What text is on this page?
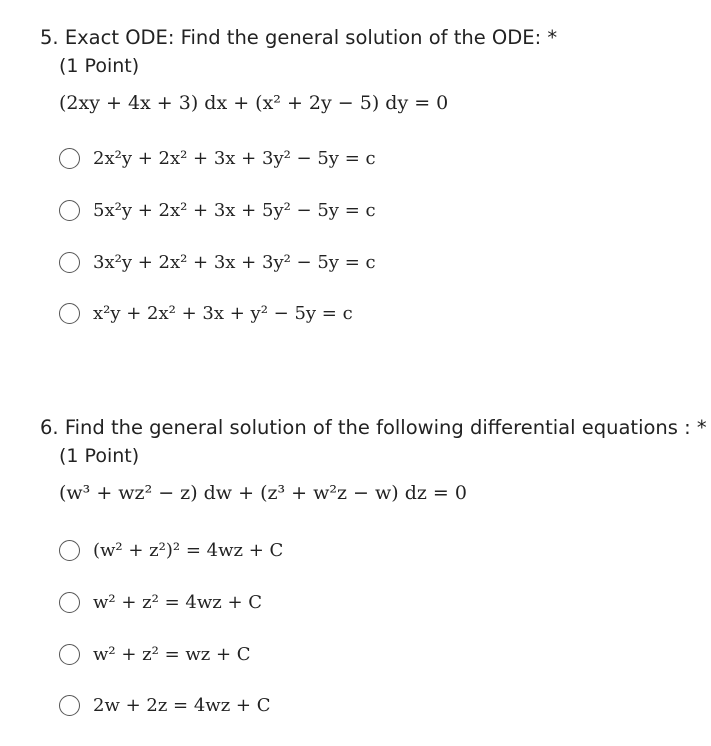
5. Exact ODE: Find the general solution of the ODE: *
(1 Point)
(2xy + 4x + 3) dx + (x² + 2y − 5) dy = 0
2x²y + 2x² + 3x + 3y² − 5y = c
5x²y + 2x² + 3x + 5y² − 5y = c
3x²y + 2x² + 3x + 3y² − 5y = c
x²y + 2x² + 3x + y² − 5y = c
6. Find the general solution of the following differential equations : *
(1 Point)
(w³ + wz² − z) dw + (z³ + w²z − w) dz = 0
(w² + z²)² = 4wz + C
w² + z² = 4wz + C
w² + z² = wz + C
2w + 2z = 4wz + C
